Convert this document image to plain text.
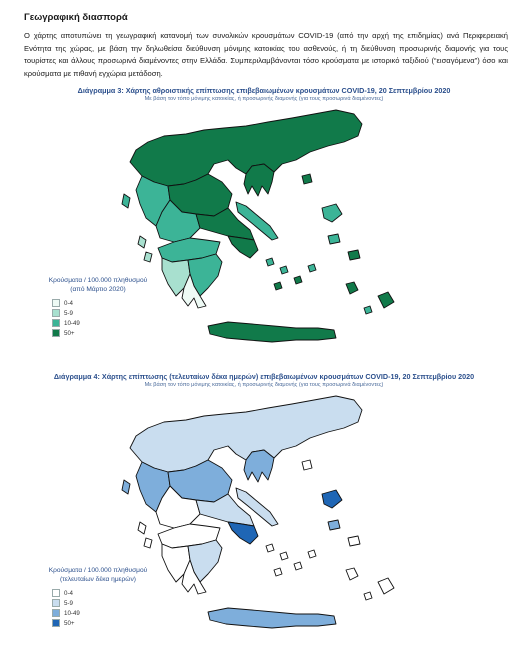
Γεωγραφική διασπορά

Ο χάρτης αποτυπώνει τη γεωγραφική κατανομή των συνολικών κρουσμάτων COVID-19 (από την αρχή της επιδημίας) ανά Περιφερειακή Ενότητα της χώρας, με βάση την δηλωθείσα διεύθυνση μόνιμης κατοικίας του ασθενούς, ή τη διεύθυνση προσωρινής διαμονής για τους τουρίστες και άλλους προσωρινά διαμένοντες στην Ελλάδα. Συμπεριλαμβάνονται τόσο κρούσματα με ιστορικό ταξιδιού (“εισαγόμενα”) όσο και κρούσματα με πιθανή εγχώρια μετάδοση.

Διάγραμμα 3: Χάρτης αθροιστικής επίπτωσης επιβεβαιωμένων κρουσμάτων COVID-19, 20 Σεπτεμβρίου 2020
Με βάση τον τόπο μόνιμης κατοικίας, ή προσωρινής διαμονής (για τους προσωρινά διαμένοντες)
Κρούσματα / 100.000 πληθυσμού
(από Μάρτιο 2020)
0-4
5-9
10-49
50+
Διάγραμμα 4: Χάρτης επίπτωσης (τελευταίων δέκα ημερών) επιβεβαιωμένων κρουσμάτων COVID-19, 20 Σεπτεμβρίου 2020
Με βάση τον τόπο μόνιμης κατοικίας, ή προσωρινής διαμονής (για τους προσωρινά διαμένοντες)
Κρούσματα / 100.000 πληθυσμού
(τελευταίων δέκα ημερών)
0-4
5-9
10-49
50+
